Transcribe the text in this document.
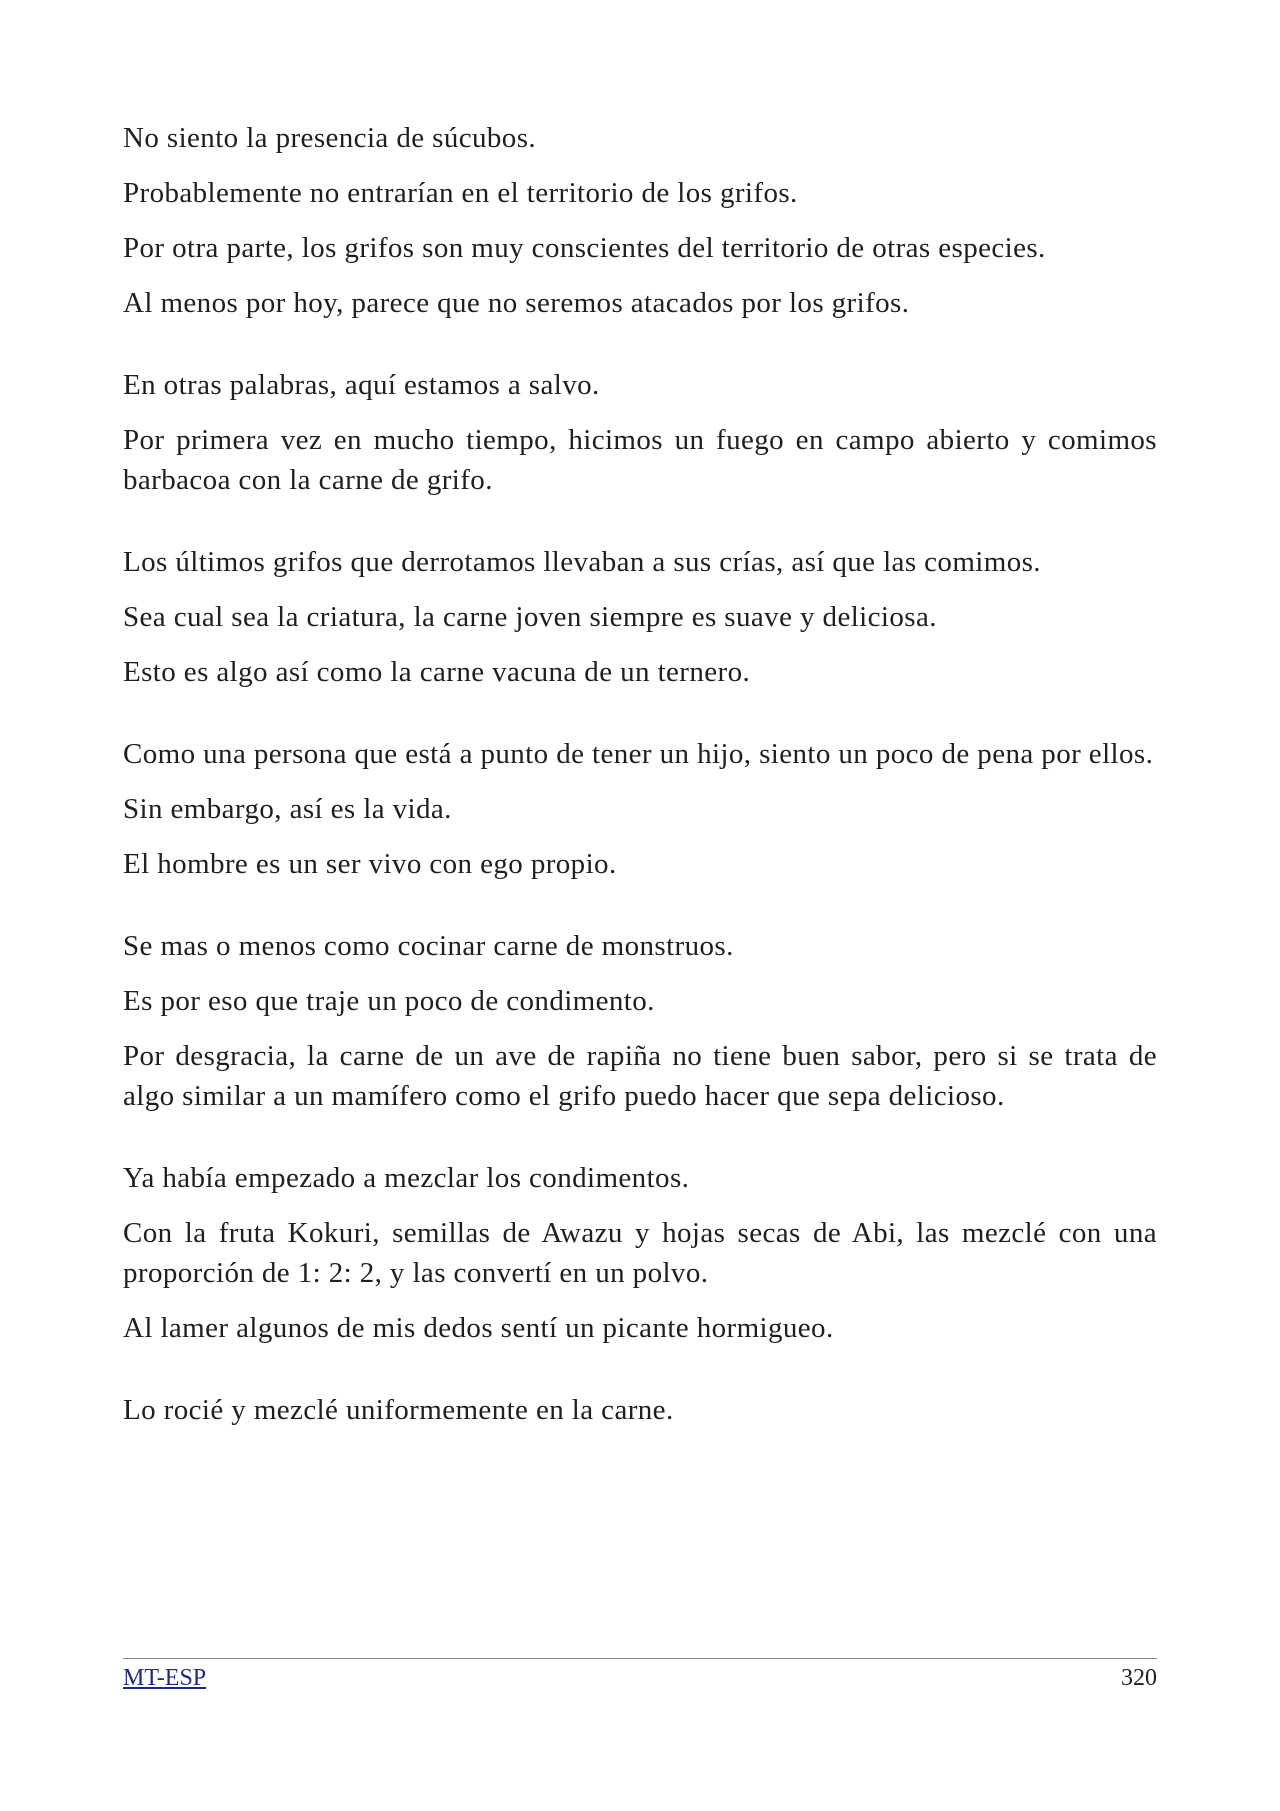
No siento la presencia de súcubos.

Probablemente no entrarían en el territorio de los grifos.

Por otra parte, los grifos son muy conscientes del territorio de otras especies.

Al menos por hoy, parece que no seremos atacados por los grifos.

En otras palabras, aquí estamos a salvo.

Por primera vez en mucho tiempo, hicimos un fuego en campo abierto y comimos barbacoa con la carne de grifo.

Los últimos grifos que derrotamos llevaban a sus crías, así que las comimos.

Sea cual sea la criatura, la carne joven siempre es suave y deliciosa.

Esto es algo así como la carne vacuna de un ternero.

Como una persona que está a punto de tener un hijo, siento un poco de pena por ellos.

Sin embargo, así es la vida.

El hombre es un ser vivo con ego propio.

Se mas o menos como cocinar carne de monstruos.

Es por eso que traje un poco de condimento.

Por desgracia, la carne de un ave de rapiña no tiene buen sabor, pero si se trata de algo similar a un mamífero como el grifo puedo hacer que sepa delicioso.

Ya había empezado a mezclar los condimentos.

Con la fruta Kokuri, semillas de Awazu y hojas secas de Abi, las mezclé con una proporción de 1: 2: 2, y las convertí en un polvo.

Al lamer algunos de mis dedos sentí un picante hormigueo.

Lo rocié y mezclé uniformemente en la carne.

MT-ESP	320
